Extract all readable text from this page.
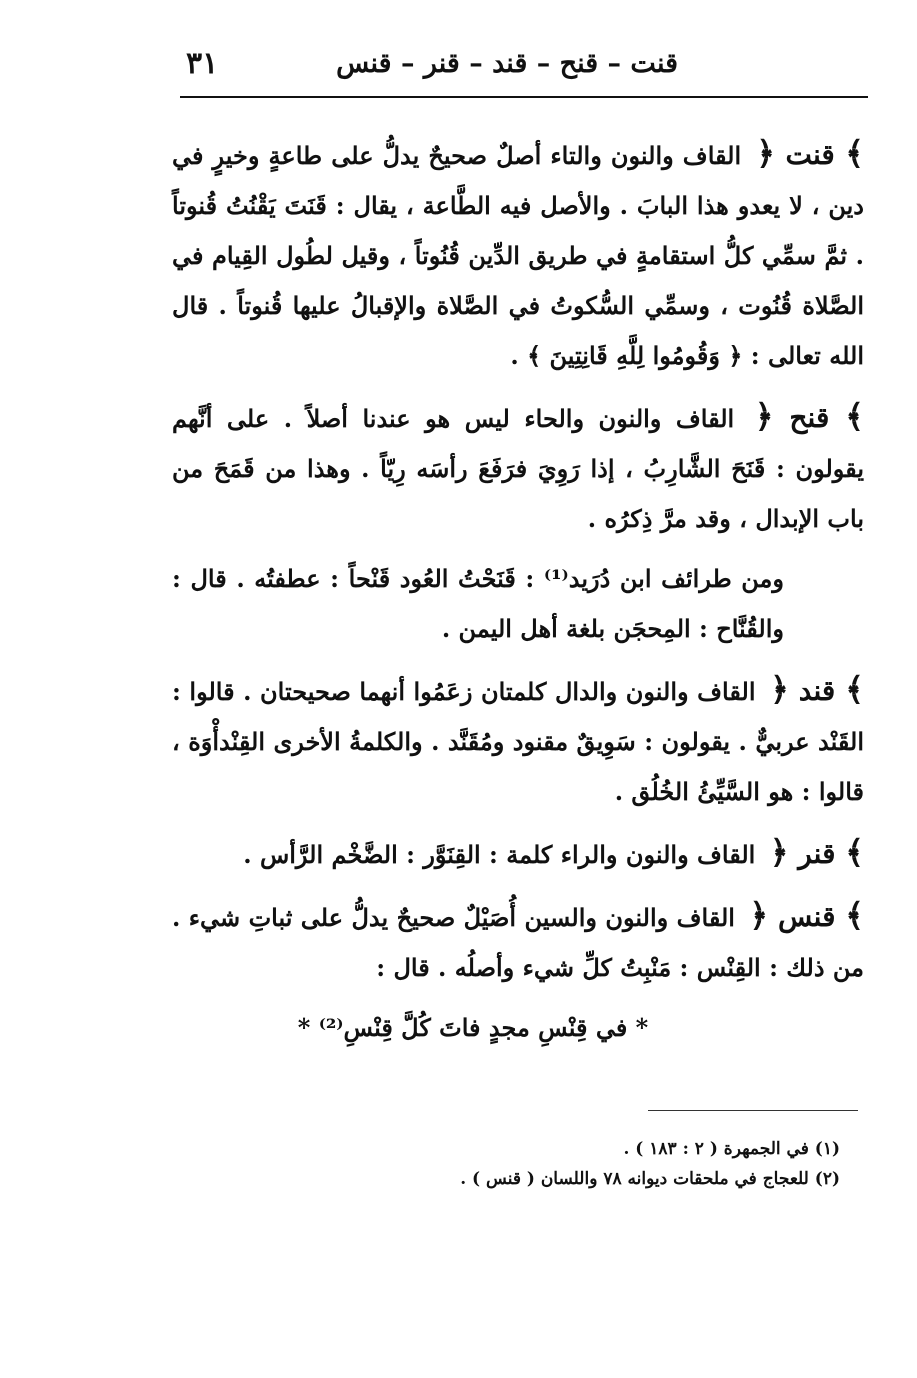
٣١	قنت – قنح – قند – قنر – قنس

﴾ قنت ﴿ القاف والنون والتاء أصلٌ صحيحٌ يدلُّ على طاعةٍ وخيرٍ في دين ، لا يعدو هذا البابَ . والأصل فيه الطَّاعة ، يقال : قَنَتَ يَقْنُتُ قُنوتاً . ثمَّ سمِّي كلُّ استقامةٍ في طريق الدِّين قُنُوتاً ، وقيل لطُول القِيام في الصَّلاة قُنُوت ، وسمِّي السُّكوتُ في الصَّلاة والإقبالُ عليها قُنوتاً . قال الله تعالى : ﴿ وَقُومُوا لِلَّهِ قَانِتِينَ ﴾ .

﴾ قنح ﴿ القاف والنون والحاء ليس هو عندنا أصلاً . على أنَّهم يقولون : قَنَحَ الشَّارِبُ ، إذا رَوِيَ فرَفَعَ رأسَه رِيّاً . وهذا من قَمَحَ من باب الإبدال ، وقد مرَّ ذِكرُه .

ومن طرائف ابن دُرَيد⁽¹⁾ : قَنَحْتُ العُود قَنْحاً : عطفتُه . قال : والقُنَّاح : المِحجَن بلغة أهل اليمن .

﴾ قند ﴿ القاف والنون والدال كلمتان زعَمُوا أنهما صحيحتان . قالوا : القَنْد عربيٌّ . يقولون : سَوِيقٌ مقنود ومُقَنَّد . والكلمةُ الأخرى القِنْدأْوَة ، قالوا : هو السَّيِّئُ الخُلُق .

﴾ قنر ﴿ القاف والنون والراء كلمة : القِنَوَّر : الضَّخْم الرَّأس .

﴾ قنس ﴿ القاف والنون والسين أُصَيْلٌ صحيحٌ يدلُّ على ثباتِ شيء . من ذلك : القِنْس : مَنْبِتُ كلِّ شيء وأصلُه . قال :

* في قِنْسِ مجدٍ فاتَ كُلَّ قِنْسِ⁽²⁾ *

(١) في الجمهرة ( ٢ : ١٨٣ ) .
(٢) للعجاج في ملحقات ديوانه ٧٨ واللسان ( قنس ) .
